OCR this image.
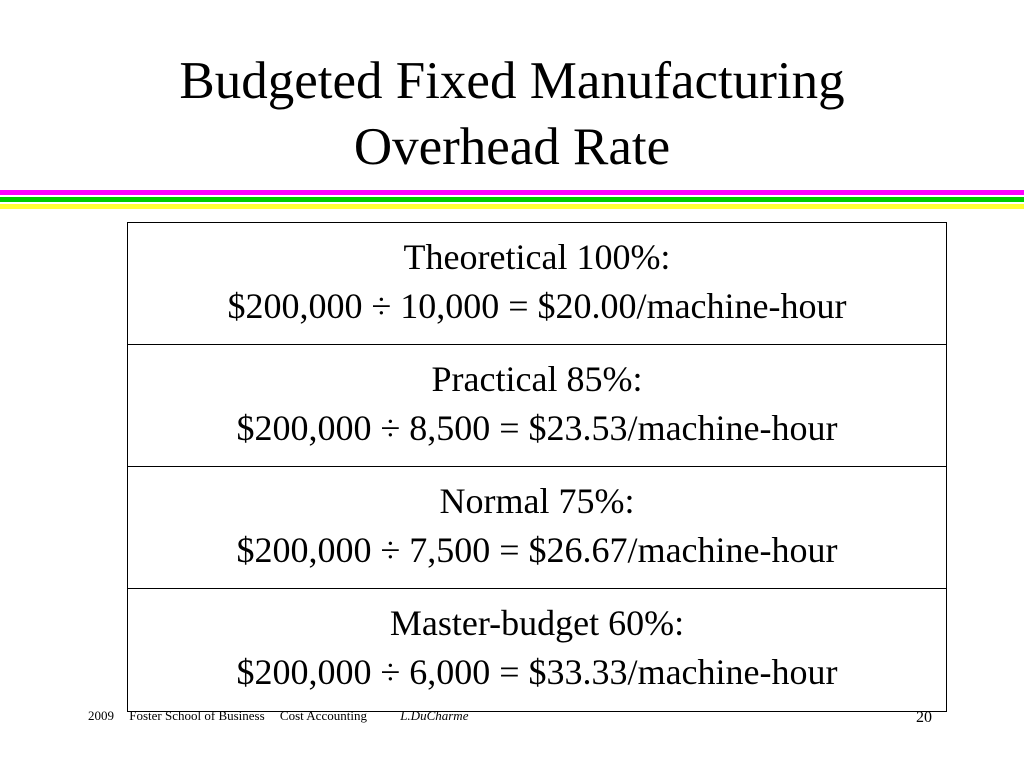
Budgeted Fixed Manufacturing
Overhead Rate
Theoretical 100%:
$200,000 ÷ 10,000 = $20.00/machine-hour
Practical 85%:
$200,000 ÷ 8,500 = $23.53/machine-hour
Normal 75%:
$200,000 ÷ 7,500 = $26.67/machine-hour
Master-budget 60%:
$200,000 ÷ 6,000 = $33.33/machine-hour
2009 Foster School of Business Cost Accounting	L.DuCharme	20
